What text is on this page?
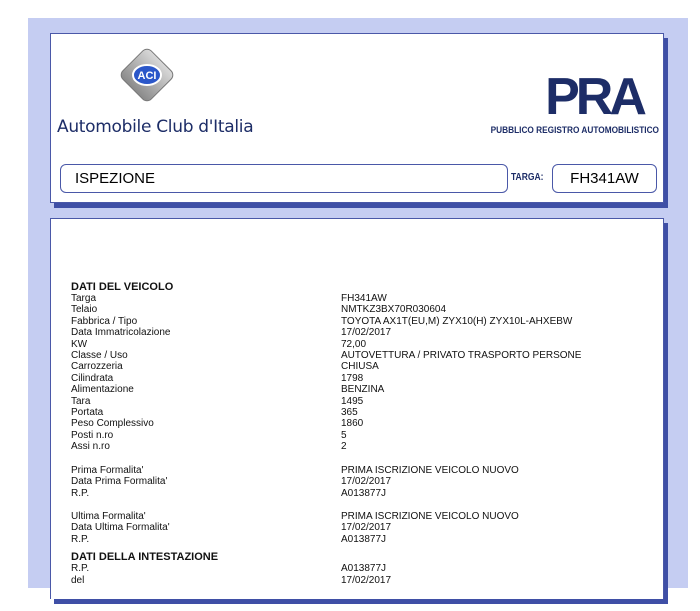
ACI
Automobile Club d'Italia
PRA
PUBBLICO REGISTRO AUTOMOBILISTICO
ISPEZIONE	TARGA:	FH341AW
DATI DEL VEICOLO
Targa	FH341AW
Telaio	NMTKZ3BX70R030604
Fabbrica / Tipo	TOYOTA AX1T(EU,M) ZYX10(H) ZYX10L-AHXEBW
Data Immatricolazione	17/02/2017
KW	72,00
Classe / Uso	AUTOVETTURA / PRIVATO TRASPORTO PERSONE
Carrozzeria	CHIUSA
Cilindrata	1798
Alimentazione	BENZINA
Tara	1495
Portata	365
Peso Complessivo	1860
Posti n.ro	5
Assi n.ro	2
Prima Formalita'	PRIMA ISCRIZIONE VEICOLO NUOVO
Data Prima Formalita'	17/02/2017
R.P.	A013877J
Ultima Formalita'	PRIMA ISCRIZIONE VEICOLO NUOVO
Data Ultima Formalita'	17/02/2017
R.P.	A013877J
DATI DELLA INTESTAZIONE
R.P.	A013877J
del	17/02/2017
